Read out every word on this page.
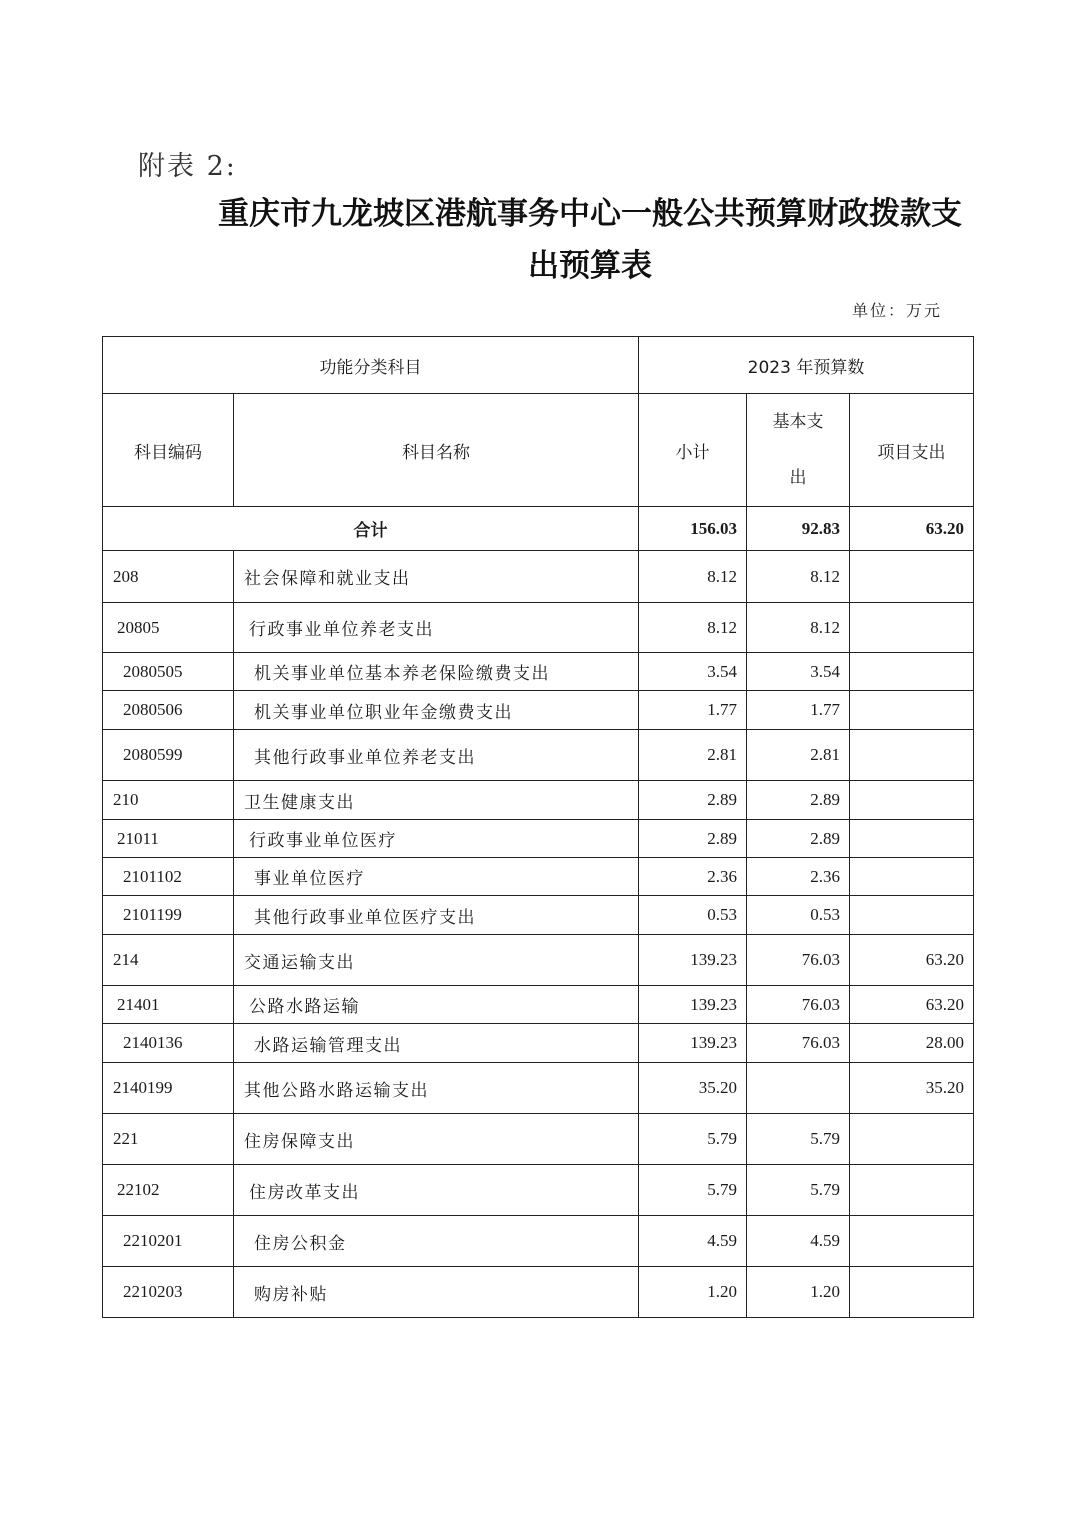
附表 2:
重庆市九龙坡区港航事务中心一般公共预算财政拨款支
出预算表
单位：万元
功能分类科目		2023 年预算数		
科目编码	科目名称	小计	基本支
出	项目支出
合计		156.03	92.83	63.20
208	社会保障和就业支出	8.12	8.12	
20805	行政事业单位养老支出	8.12	8.12	
2080505	机关事业单位基本养老保险缴费支出	3.54	3.54	
2080506	机关事业单位职业年金缴费支出	1.77	1.77	
2080599	其他行政事业单位养老支出	2.81	2.81	
210	卫生健康支出	2.89	2.89	
21011	行政事业单位医疗	2.89	2.89	
2101102	事业单位医疗	2.36	2.36	
2101199	其他行政事业单位医疗支出	0.53	0.53	
214	交通运输支出	139.23	76.03	63.20
21401	公路水路运输	139.23	76.03	63.20
2140136	水路运输管理支出	139.23	76.03	28.00
2140199	其他公路水路运输支出	35.20		35.20
221	住房保障支出	5.79	5.79	
22102	住房改革支出	5.79	5.79	
2210201	住房公积金	4.59	4.59	
2210203	购房补贴	1.20	1.20	
